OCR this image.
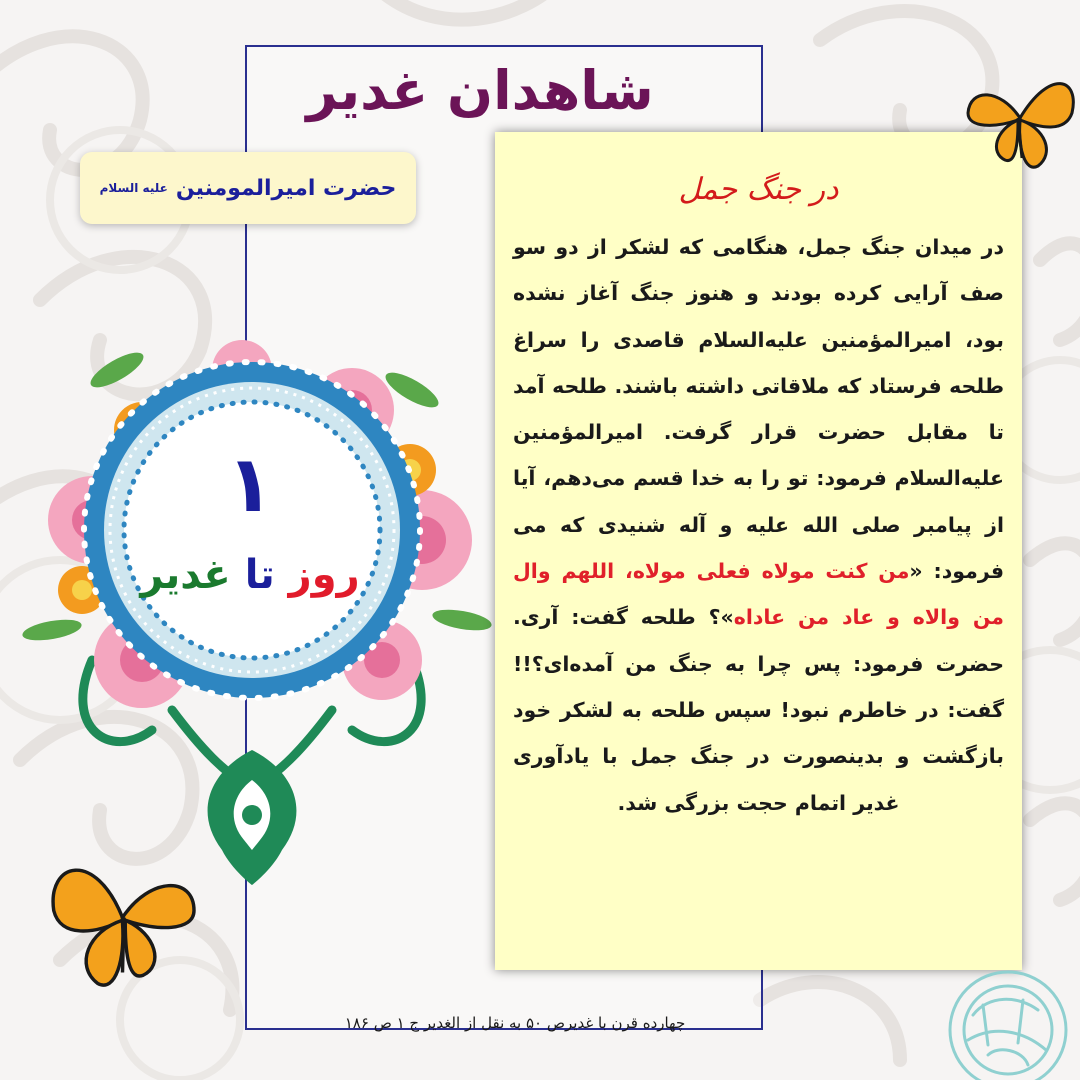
شاهدان غدیر
حضرت امیرالمومنین
علیه السلام
۱
روز تا غدیر
در جنگ جمل
در میدان جنگ جمل، هنگامی که لشکر از دو سو صف آرایی کرده بودند و هنوز جنگ آغاز نشده بود، امیرالمؤمنین علیه‌السلام قاصدی را سراغ طلحه فرستاد که ملاقاتی داشته باشند. طلحه آمد تا مقابل حضرت قرار گرفت. امیرالمؤمنین علیه‌السلام فرمود: تو را به خدا قسم می‌دهم، آیا از پیامبر صلی الله علیه و آله شنیدی که می فرمود: «من کنت مولاه فعلی مولاه، اللهم وال من والاه و عاد من عاداه»؟ طلحه گفت: آری. حضرت فرمود: پس چرا به جنگ من آمده‌ای؟!! گفت: در خاطرم نبود! سپس طلحه به لشکر خود بازگشت و بدینصورت در جنگ جمل با یادآوری غدیر اتمام حجت بزرگی شد.
چهارده قرن با غدیرص ۵۰ به نقل از الغدیر ج ۱ ص ۱۸۶
